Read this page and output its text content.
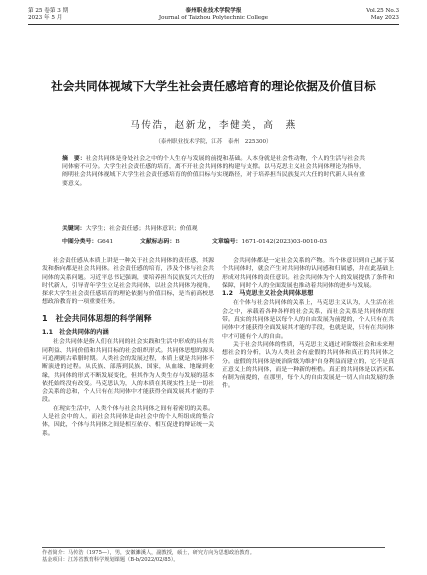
第 25 卷第 3 期
2023 年 5 月
泰州职业技术学院学报
Journal of Taizhou Polytechnic College
Vol.25 No.3
May 2023
社会共同体视域下大学生社会责任感培育的理论依据及价值目标
马传浩，赵新龙，李健美，高　燕
（泰州职业技术学院，江苏　泰州　225300）
摘　要：社会共同体是身处社会之中的个人生存与发展的前提和基础。人本身就是社会性动物，个人的生活与社会共同体密不可分。大学生社会责任感的培育，离不开社会共同体的构建与支撑。以马克思主义社会共同体理论为指导，阐明社会共同体视域下大学生社会责任感培育的价值目标与实现路径，对于培养担当民族复兴大任的时代新人具有重要意义。
关键词：大学生；社会责任感；共同体意识；价值观
中图分类号：G641	文献标志码：B	文章编号：1671-0142(2023)03-0010-03

社会责任感从本质上讲是一种关于社会共同体的责任感，其源发和指向都是社会共同体。社会责任感的培育，涉及个体与社会共同体的关系问题。习近平总书记强调，要培养担当民族复兴大任的时代新人，引导青年学生立足社会共同体，以社会共同体为视角，探求大学生社会责任感培育的理论依据与价值目标，是当前高校思想政治教育的一项重要任务。

1　社会共同体思想的科学阐释

1.1　社会共同体的内涵

社会共同体是指人们在共同的社会实践和生活中形成的具有共同利益、共同价值和共同目标的社会组织形式。共同体思想的源头可追溯到古希腊时期。人类社会的发展过程，本质上就是共同体不断演进的过程。从氏族、部落到民族、国家，从血缘、地缘到业缘，共同体的形式不断发展变化，但其作为人类生存与发展的基本依托始终没有改变。马克思认为，人的本质在其现实性上是一切社会关系的总和，个人只有在共同体中才能获得全面发展其才能的手段。

在现实生活中，人类个体与社会共同体之间有着密切的关系。人是社会中的人，而社会共同体是由社会中的个人所组成的集合体，因此，个体与共同体之间是相互依存、相互促进的辩证统一关系。

会共同体都是一定社会关系的产物。当个体意识到自己属于某个共同体时，就会产生对共同体的认同感和归属感，并在此基础上形成对共同体的责任意识。社会共同体为个人的发展提供了条件和保障，同时个人的全面发展也推动着共同体的进步与发展。

1.2　马克思主义社会共同体思想

在个体与社会共同体的关系上，马克思主义认为，人生活在社会之中，承载着各种各样的社会关系，而社会关系是共同体的纽带。真实的共同体是以每个人的自由发展为前提的，个人只有在共同体中才能获得全面发展其才能的手段，也就是说，只有在共同体中才可能有个人的自由。

关于社会共同体的性质，马克思主义通过对阶级社会和未来理想社会的分析，认为人类社会有虚假的共同体和真正的共同体之分。虚假的共同体是统治阶级为维护自身利益而建立的，它不是真正意义上的共同体，而是一种新的桎梏。真正的共同体是以消灭私有制为前提的，在那里，每个人的自由发展是一切人自由发展的条件。

作者简介：马传浩（1975—），男，安徽濉溪人，副教授，硕士，研究方向为思想政治教育。
基金项目：江苏省教育科学规划课题（B-b/2022/02/85）。
